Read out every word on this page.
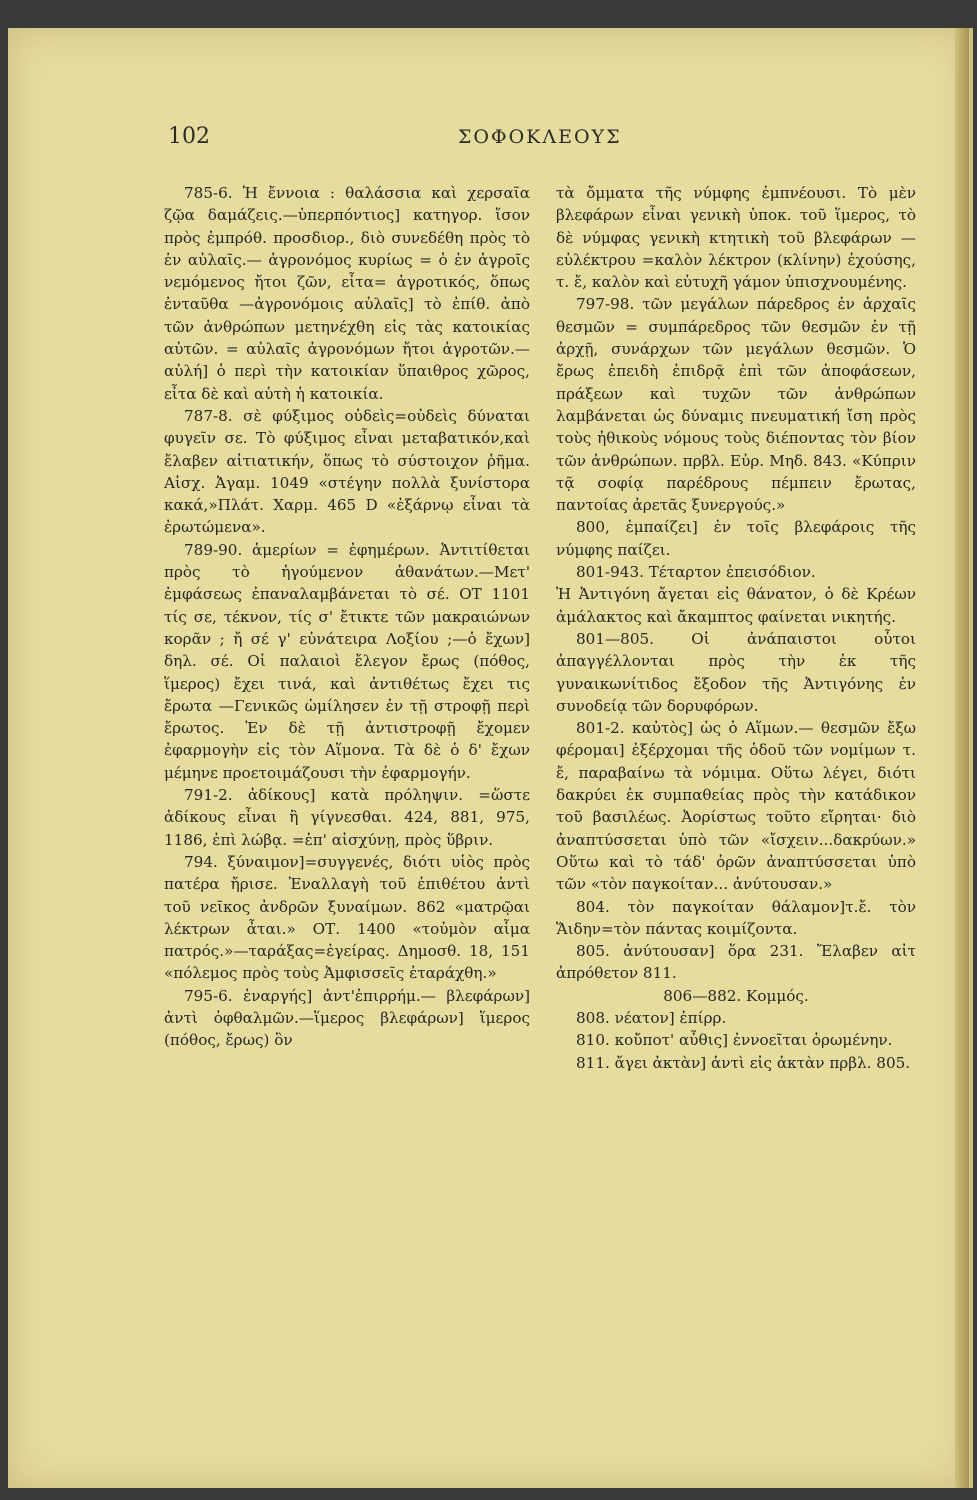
102	ΣΟΦΟΚΛΕΟΥΣ

785-6. Ἡ ἔννοια : θαλάσσια καὶ χερσαῖα ζῷα δαμάζεις.—ὑπερπόντιος] κατηγορ. ἴσον πρὸς ἐμπρόθ. προσδιορ., διὸ συνεδέθη πρὸς τὸ ἐν αὐλαῖς.— ἀγρονόμος κυρίως = ὁ ἐν ἀγροῖς νεμόμενος ἤτοι ζῶν, εἶτα= ἀγροτικός, ὅπως ἐνταῦθα —ἀγρονόμοις αὐλαῖς] τὸ ἐπίθ. ἀπὸ τῶν ἀνθρώπων μετηνέχθη εἰς τὰς κατοικίας αὐτῶν. = αὐλαῖς ἀγρονόμων ἤτοι ἀγροτῶν.—αὐλή] ὁ περὶ τὴν κατοικίαν ὕπαιθρος χῶρος, εἶτα δὲ καὶ αὐτὴ ἡ κατοικία.

787-8. σὲ φύξιμος οὐδεὶς=οὐδεὶς δύναται φυγεῖν σε. Τὸ φύξιμος εἶναι μεταβατικόν,καὶ ἔλαβεν αἰτιατικήν, ὅπως τὸ σύστοιχον ῥῆμα. Αἰσχ. Ἀγαμ. 1049 «στέγην πολλὰ ξυνίστορα κακά,»Πλάτ. Χαρμ. 465 D «ἐξάρνῳ εἶναι τὰ ἐρωτώμενα».

789-90. ἁμερίων = ἐφημέρων. Ἀντιτίθεται πρὸς τὸ ἡγούμενον ἀθανάτων.—Μετ' ἐμφάσεως ἐπαναλαμβάνεται τὸ σέ. ΟΤ 1101 τίς σε, τέκνον, τίς σ' ἔτικτε τῶν μακραιώνων κορᾶν ; ἤ σέ γ' εὐνάτειρα Λοξίου ;—ὁ ἔχων] δηλ. σέ. Οἱ παλαιοὶ ἔλεγον ἔρως (πόθος, ἵμερος) ἔχει τινά, καὶ ἀντιθέτως ἔχει τις ἔρωτα —Γενικῶς ὡμίλησεν ἐν τῇ στροφῇ περὶ ἔρωτος. Ἐν δὲ τῇ ἀντιστροφῇ ἔχομεν ἐφαρμογὴν εἰς τὸν Αἵμονα. Τὰ δὲ ὁ δ' ἔχων μέμηνε προετοιμάζουσι τὴν ἐφαρμογήν.

791-2. ἀδίκους] κατὰ πρόληψιν. =ὥστε ἀδίκους εἶναι ἢ γίγνεσθαι. 424, 881, 975, 1186, ἐπὶ λώβᾳ. =ἐπ' αἰσχύνῃ, πρὸς ὕβριν.

794. ξύναιμον]=συγγενές, διότι υἱὸς πρὸς πατέρα ἤρισε. Ἐναλλαγὴ τοῦ ἐπιθέτου ἀντὶ τοῦ νεῖκος ἀνδρῶν ξυναίμων. 862 «ματρῷαι λέκτρων ἆται.» ΟΤ. 1400 «τοὐμὸν αἷμα πατρός.»—ταράξας=ἐγείρας. Δημοσθ. 18, 151 «πόλεμος πρὸς τοὺς Ἀμφισσεῖς ἐταράχθη.»

795-6. ἐναργής] ἀντ'ἐπιρρήμ.— βλεφάρων] ἀντὶ ὀφθαλμῶν.—ἵμερος βλεφάρων] ἵμερος (πόθος, ἔρως) ὃν

τὰ ὄμματα τῆς νύμφης ἐμπνέουσι. Τὸ μὲν βλεφάρων εἶναι γενικὴ ὑποκ. τοῦ ἵμερος, τὸ δὲ νύμφας γενικὴ κτητικὴ τοῦ βλεφάρων — εὐλέκτρου =καλὸν λέκτρον (κλίνην) ἐχούσης, τ. ἔ, καλὸν καὶ εὐτυχῆ γάμον ὑπισχνουμένης.

797-98. τῶν μεγάλων πάρεδρος ἐν ἀρχαῖς θεσμῶν = συμπάρεδρος τῶν θεσμῶν ἐν τῇ ἀρχῇ, συνάρχων τῶν μεγάλων θεσμῶν. Ὁ ἔρως ἐπειδὴ ἐπιδρᾷ ἐπὶ τῶν ἀποφάσεων, πράξεων καὶ τυχῶν τῶν ἀνθρώπων λαμβάνεται ὡς δύναμις πνευματική ἴση πρὸς τοὺς ἠθικοὺς νόμους τοὺς διέποντας τὸν βίον τῶν ἀνθρώπων. πρβλ. Εὐρ. Μηδ. 843. «Κύπριν τᾷ σοφίᾳ παρέδρους πέμπειν ἔρωτας, παντοίας ἀρετᾶς ξυνεργούς.»

800, ἐμπαίζει] ἐν τοῖς βλεφάροις τῆς νύμφης παίζει.

801-943. Τέταρτον ἐπεισόδιον.

Ἡ Ἀντιγόνη ἄγεται εἰς θάνατον, ὁ δὲ Κρέων ἀμάλακτος καὶ ἄκαμπτος φαίνεται νικητής.

801—805. Οἱ ἀνάπαιστοι οὗτοι ἀπαγγέλλονται πρὸς τὴν ἐκ τῆς γυναικωνίτιδος ἔξοδον τῆς Ἀντιγόνης ἐν συνοδείᾳ τῶν δορυφόρων.

801-2. καὐτὸς] ὡς ὁ Αἵμων.— θεσμῶν ἔξω φέρομαι] ἐξέρχομαι τῆς ὁδοῦ τῶν νομίμων τ. ἔ, παραβαίνω τὰ νόμιμα. Οὕτω λέγει, διότι δακρύει ἐκ συμπαθείας πρὸς τὴν κατάδικον τοῦ βασιλέως. Ἀορίστως τοῦτο εἴρηται· διὸ ἀναπτύσσεται ὑπὸ τῶν «ἴσχειν...δακρύων.» Οὕτω καὶ τὸ τάδ' ὁρῶν ἀναπτύσσεται ὑπὸ τῶν «τὸν παγκοίταν... ἀνύτουσαν.»

804. τὸν παγκοίταν θάλαμον]τ.ἔ. τὸν Ἅιδην=τὸν πάντας κοιμίζοντα.

805. ἀνύτουσαν] ὅρα 231. Ἔλαβεν αἰτ ἀπρόθετον 811.

806—882. Κομμός.

808. νέατον] ἐπίρρ.

810. κοὔποτ' αὖθις] ἐννοεῖται ὁρωμένην.

811. ἄγει ἀκτὰν] ἀντὶ εἰς ἀκτὰν πρβλ. 805.
